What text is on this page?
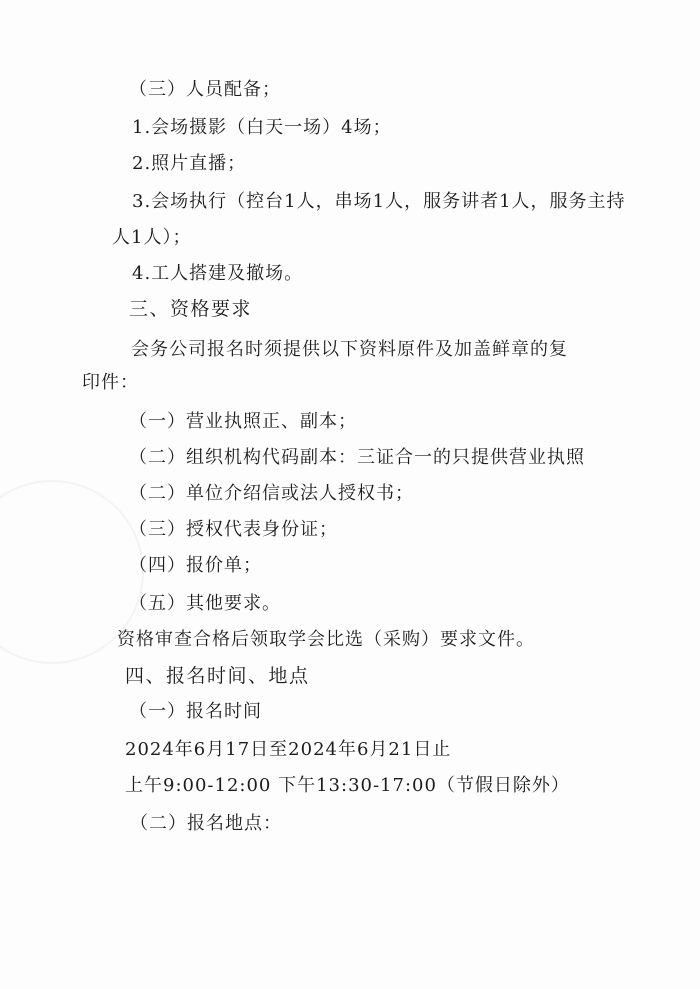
（三）人员配备；
1.会场摄影（白天一场）4场；
2.照片直播；
3.会场执行（控台1人，串场1人，服务讲者1人，服务主持
人1人）；
4.工人搭建及撤场。
三、资格要求
会务公司报名时须提供以下资料原件及加盖鲜章的复
印件：
（一）营业执照正、副本；
（二）组织机构代码副本：三证合一的只提供营业执照
（二）单位介绍信或法人授权书；
（三）授权代表身份证；
（四）报价单；
（五）其他要求。
资格审查合格后领取学会比选（采购）要求文件。
四、报名时间、地点
（一）报名时间
2024年6月17日至2024年6月21日止
上午9:00-12:00 下午13:30-17:00（节假日除外）
（二）报名地点：
